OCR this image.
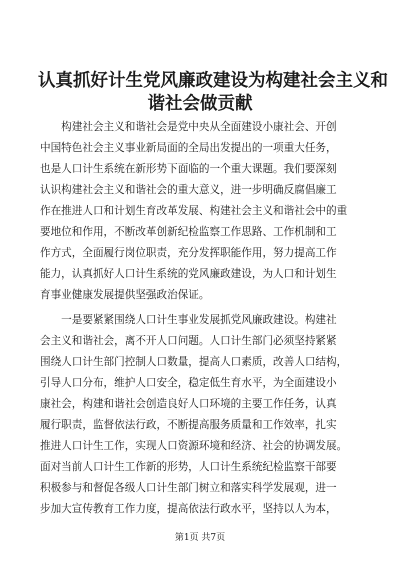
认真抓好计生党风廉政建设为构建社会主义和
谐社会做贡献
　　构建社会主义和谐社会是党中央从全面建设小康社会、开创
中国特色社会主义事业新局面的全局出发提出的一项重大任务，
也是人口计生系统在新形势下面临的一个重大课题。我们要深刻
认识构建社会主义和谐社会的重大意义，进一步明确反腐倡廉工
作在推进人口和计划生育改革发展、构建社会主义和谐社会中的重
要地位和作用，不断改革创新纪检监察工作思路、工作机制和工
作方式，全面履行岗位职责，充分发挥职能作用，努力提高工作
能力，认真抓好人口计生系统的党风廉政建设，为人口和计划生
育事业健康发展提供坚强政治保证。
　　一是要紧紧围绕人口计生事业发展抓党风廉政建设。构建社
会主义和谐社会，离不开人口问题。人口计生部门必须坚持紧紧
围绕人口计生部门控制人口数量，提高人口素质，改善人口结构，
引导人口分布，维护人口安全，稳定低生育水平，为全面建设小
康社会，构建和谐社会创造良好人口环境的主要工作任务，认真
履行职责，监督依法行政，不断提高服务质量和工作效率，扎实
推进人口计生工作，实现人口资源环境和经济、社会的协调发展。
面对当前人口计生工作新的形势，人口计生系统纪检监察干部要
积极参与和督促各级人口计生部门树立和落实科学发展观，进一
步加大宣传教育工作力度，提高依法行政水平，坚持以人为本，
第1页 共7页
